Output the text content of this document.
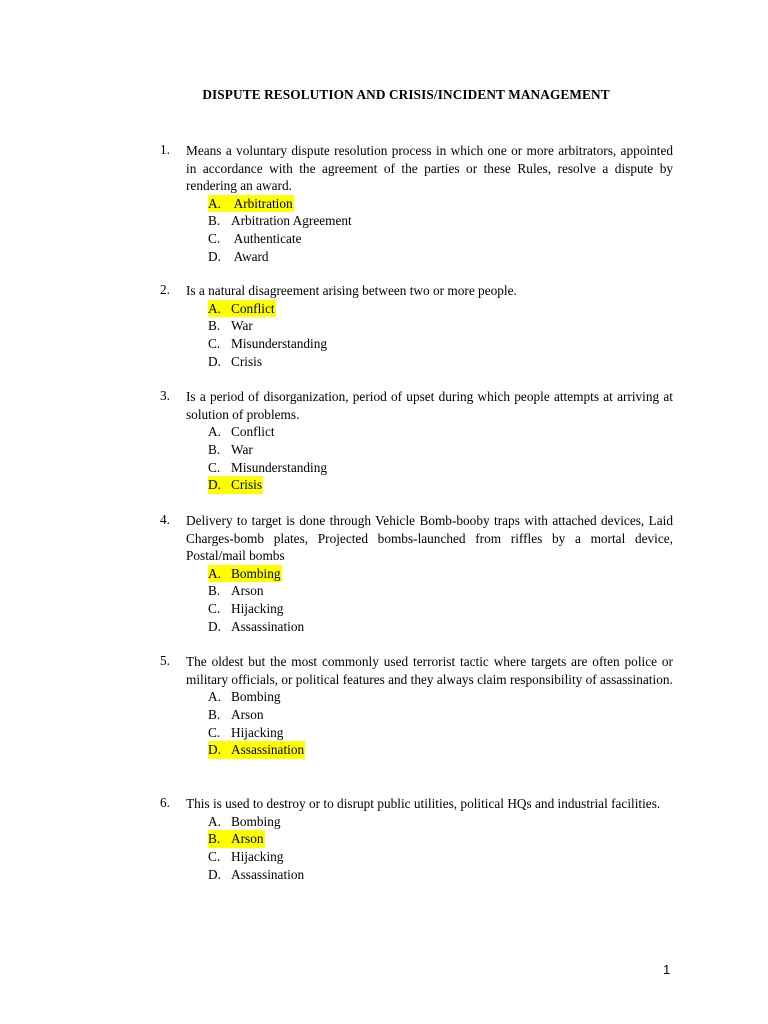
DISPUTE RESOLUTION AND CRISIS/INCIDENT MANAGEMENT
1. Means a voluntary dispute resolution process in which one or more arbitrators, appointed in accordance with the agreement of the parties or these Rules, resolve a dispute by rendering an award.
A. Arbitration
B. Arbitration Agreement
C. Authenticate
D. Award
2. Is a natural disagreement arising between two or more people.
A. Conflict
B. War
C. Misunderstanding
D. Crisis
3. Is a period of disorganization, period of upset during which people attempts at arriving at solution of problems.
A. Conflict
B. War
C. Misunderstanding
D. Crisis
4. Delivery to target is done through Vehicle Bomb-booby traps with attached devices, Laid Charges-bomb plates, Projected bombs-launched from riffles by a mortal device, Postal/mail bombs
A. Bombing
B. Arson
C. Hijacking
D. Assassination
5. The oldest but the most commonly used terrorist tactic where targets are often police or military officials, or political features and they always claim responsibility of assassination.
A. Bombing
B. Arson
C. Hijacking
D. Assassination
6. This is used to destroy or to disrupt public utilities, political HQs and industrial facilities.
A. Bombing
B. Arson
C. Hijacking
D. Assassination
1
